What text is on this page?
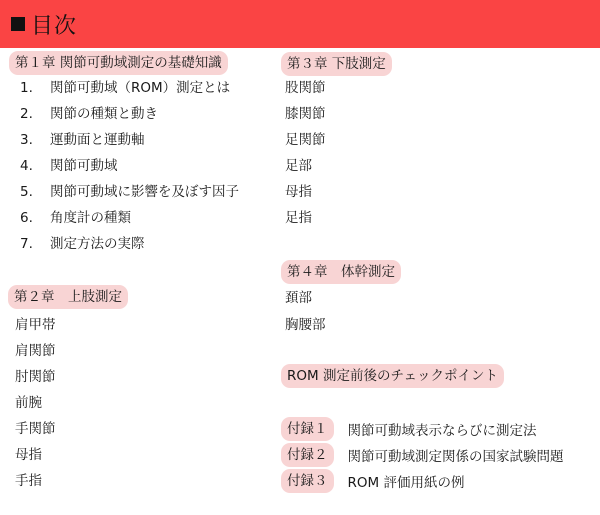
目次
第１章 関節可動域測定の基礎知識
1. 関節可動域（ROM）測定とは
2. 関節の種類と動き
3. 運動面と運動軸
4. 関節可動域
5. 関節可動域に影響を及ぼす因子
6. 角度計の種類
7. 測定方法の実際
第２章　上肢測定
肩甲帯
肩関節
肘関節
前腕
手関節
母指
手指
第３章 下肢測定
股関節
膝関節
足関節
足部
母指
足指
第４章　体幹測定
頚部
胸腰部
ROM 測定前後のチェックポイント
付録１	関節可動域表示ならびに測定法
付録２	関節可動域測定関係の国家試験問題
付録３	ROM 評価用紙の例
